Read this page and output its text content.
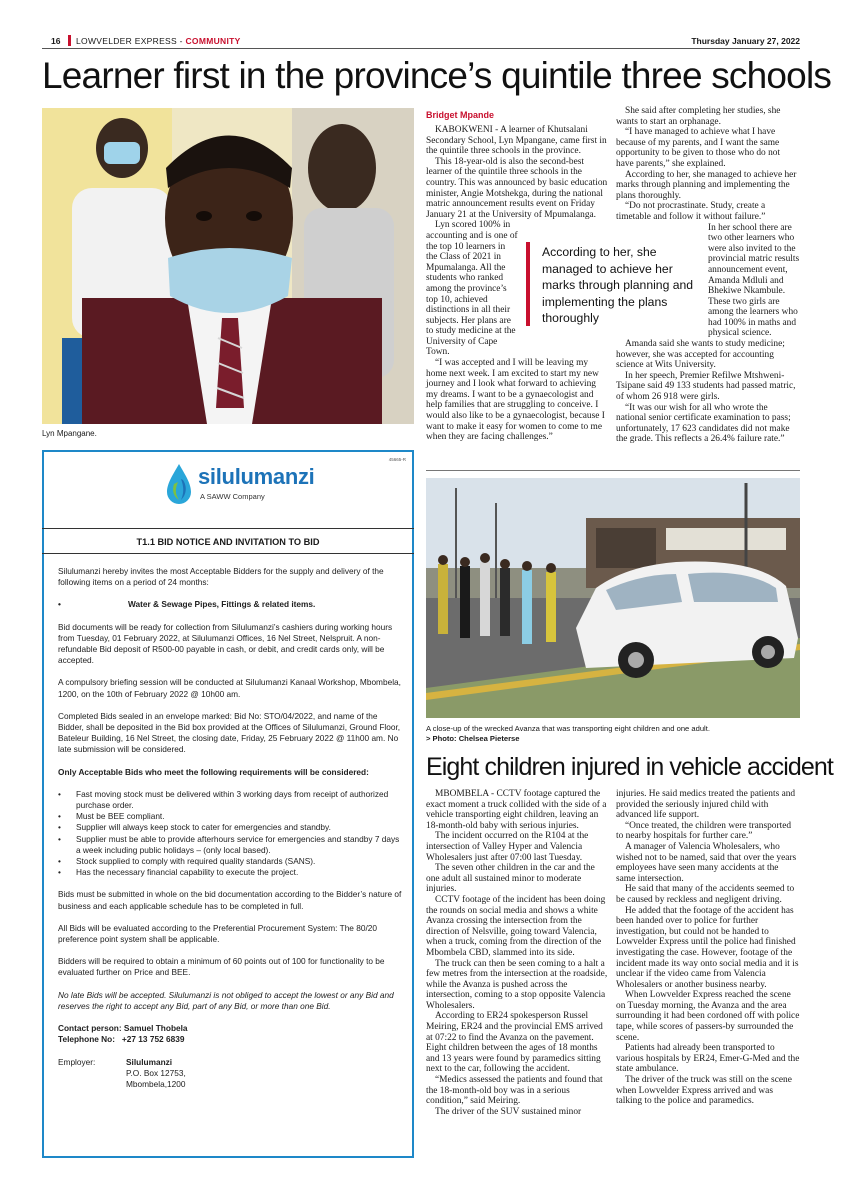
16 LOWVELDER EXPRESS - COMMUNITY	Thursday January 27, 2022
Learner first in the province’s quintile three schools
Lyn Mpangane.
Bridget Mpande

KABOKWENI - A learner of Khutsalani Secondary School, Lyn Mpangane, came first in the quintile three schools in the province.

This 18-year-old is also the second-best learner of the quintile three schools in the country. This was announced by basic education minister, Angie Motshekga, during the national matric announcement results event on Friday January 21 at the University of Mpumalanga.

Lyn scored 100% in accounting and is one of the top 10 learners in the Class of 2021 in Mpumalanga. All the students who ranked among the province’s top 10, achieved distinctions in all their subjects. Her plans are to study medicine at the University of Cape Town.

“I was accepted and I will be leaving my home next week. I am excited to start my new journey and I look what forward to achieving my dreams. I want to be a gynaecologist and help families that are struggling to conceive. I would also like to be a gynaecologist, because I want to make it easy for women to come to me when they are facing challenges.”

She said after completing her studies, she wants to start an orphanage.

“I have managed to achieve what I have because of my parents, and I want the same opportunity to be given to those who do not have parents,” she explained.

According to her, she managed to achieve her marks through planning and implementing the plans thoroughly.

“Do not procrastinate. Study, create a timetable and follow it without failure.”

In her school there are two other learners who were also invited to the provincial matric results announcement event, Amanda Mdluli and Bhekiwe Nkambule. These two girls are among the learners who had 100% in maths and physical science.

Amanda said she wants to study medicine; however, she was accepted for accounting science at Wits University.

In her speech, Premier Refilwe Mtshweni-Tsipane said 49 133 students had passed matric, of whom 26 918 were girls.

“It was our wish for all who wrote the national senior certificate examination to pass; unfortunately, 17 623 candidates did not make the grade. This reflects a 26.4% failure rate.”

According to her, she managed to achieve her marks through planning and implementing the plans thoroughly
45665-R
silulumanzi
A SAWW Company
T1.1 BID NOTICE AND INVITATION TO BID

Silulumanzi hereby invites the most Acceptable Bidders for the supply and delivery of the following items on a period of 24 months:

• Water & Sewage Pipes, Fittings & related items.

Bid documents will be ready for collection from Silulumanzi’s cashiers during working hours from Tuesday, 01 February 2022, at Silulumanzi Offices, 16 Nel Street, Nelspruit. A non-refundable Bid deposit of R500-00 payable in cash, or debit, and credit cards only, will be accepted.

A compulsory briefing session will be conducted at Silulumanzi Kanaal Workshop, Mbombela, 1200, on the 10th of February 2022 @ 10h00 am.

Completed Bids sealed in an envelope marked: Bid No: STO/04/2022, and name of the Bidder, shall be deposited in the Bid box provided at the Offices of Silulumanzi, Ground Floor, Bateleur Building, 16 Nel Street, the closing date, Friday, 25 February 2022 @ 11h00 am. No late submission will be considered.

Only Acceptable Bids who meet the following requirements will be considered:

• Fast moving stock must be delivered within 3 working days from receipt of authorized purchase order.
• Must be BEE compliant.
• Supplier will always keep stock to cater for emergencies and standby.
• Supplier must be able to provide afterhours service for emergencies and standby 7 days a week including public holidays – (only local based).
• Stock supplied to comply with required quality standards (SANS).
• Has the necessary financial capability to execute the project.

Bids must be submitted in whole on the bid documentation according to the Bidder’s nature of business and each applicable schedule has to be completed in full.

All Bids will be evaluated according to the Preferential Procurement System: The 80/20 preference point system shall be applicable.

Bidders will be required to obtain a minimum of 60 points out of 100 for functionality to be evaluated further on Price and BEE.

No late Bids will be accepted. Silulumanzi is not obliged to accept the lowest or any Bid and reserves the right to accept any Bid, part of any Bid, or more than one Bid.

Contact person: Samuel Thobela
Telephone No:   +27 13 752 6839
Employer:	Silulumanzi
P.O. Box 12753,
Mbombela,1200
A close-up of the wrecked Avanza that was transporting eight children and one adult.
> Photo: Chelsea Pieterse
Eight children injured in vehicle accident

MBOMBELA - CCTV footage captured the exact moment a truck collided with the side of a vehicle transporting eight children, leaving an 18-month-old baby with serious injuries.

The incident occurred on the R104 at the intersection of Valley Hyper and Valencia Wholesalers just after 07:00 last Tuesday.

The seven other children in the car and the one adult all sustained minor to moderate injuries.

CCTV footage of the incident has been doing the rounds on social media and shows a white Avanza crossing the intersection from the direction of Nelsville, going toward Valencia, when a truck, coming from the direction of the Mbombela CBD, slammed into its side.

The truck can then be seen coming to a halt a few metres from the intersection at the roadside, while the Avanza is pushed across the intersection, coming to a stop opposite Valencia Wholesalers.

According to ER24 spokesperson Russel Meiring, ER24 and the provincial EMS arrived at 07:22 to find the Avanza on the pavement. Eight children between the ages of 18 months and 13 years were found by paramedics sitting next to the car, following the accident.

“Medics assessed the patients and found that the 18-month-old boy was in a serious condition,” said Meiring.

The driver of the SUV sustained minor

injuries. He said medics treated the patients and provided the seriously injured child with advanced life support.

“Once treated, the children were transported to nearby hospitals for further care.”

A manager of Valencia Wholesalers, who wished not to be named, said that over the years employees have seen many accidents at the same intersection.

He said that many of the accidents seemed to be caused by reckless and negligent driving.

He added that the footage of the accident has been handed over to police for further investigation, but could not be handed to Lowvelder Express until the police had finished investigating the case. However, footage of the incident made its way onto social media and it is unclear if the video came from Valencia Wholesalers or another business nearby.

When Lowvelder Express reached the scene on Tuesday morning, the Avanza and the area surrounding it had been cordoned off with police tape, while scores of passers-by surrounded the scene.

Patients had already been transported to various hospitals by ER24, Emer-G-Med and the state ambulance.

The driver of the truck was still on the scene when Lowvelder Express arrived and was talking to the police and paramedics.
